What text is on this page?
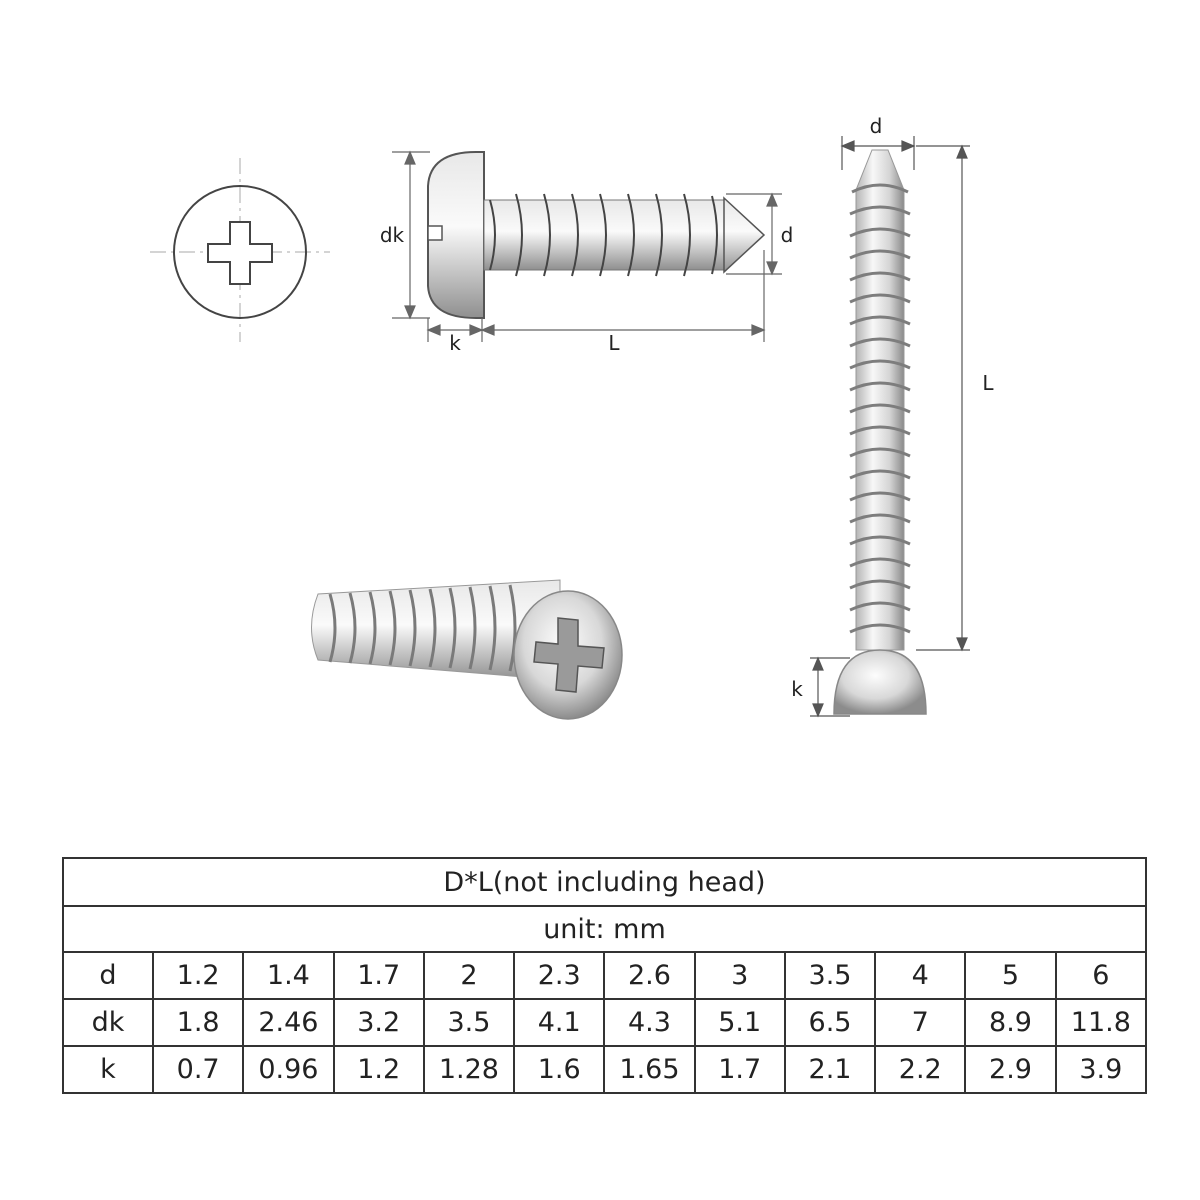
dk	d
k	L
d
L
k
D*L(not including head)											
unit: mm											
d	1.2	1.4	1.7	2	2.3	2.6	3	3.5	4	5	6
dk	1.8	2.46	3.2	3.5	4.1	4.3	5.1	6.5	7	8.9	11.8
k	0.7	0.96	1.2	1.28	1.6	1.65	1.7	2.1	2.2	2.9	3.9
